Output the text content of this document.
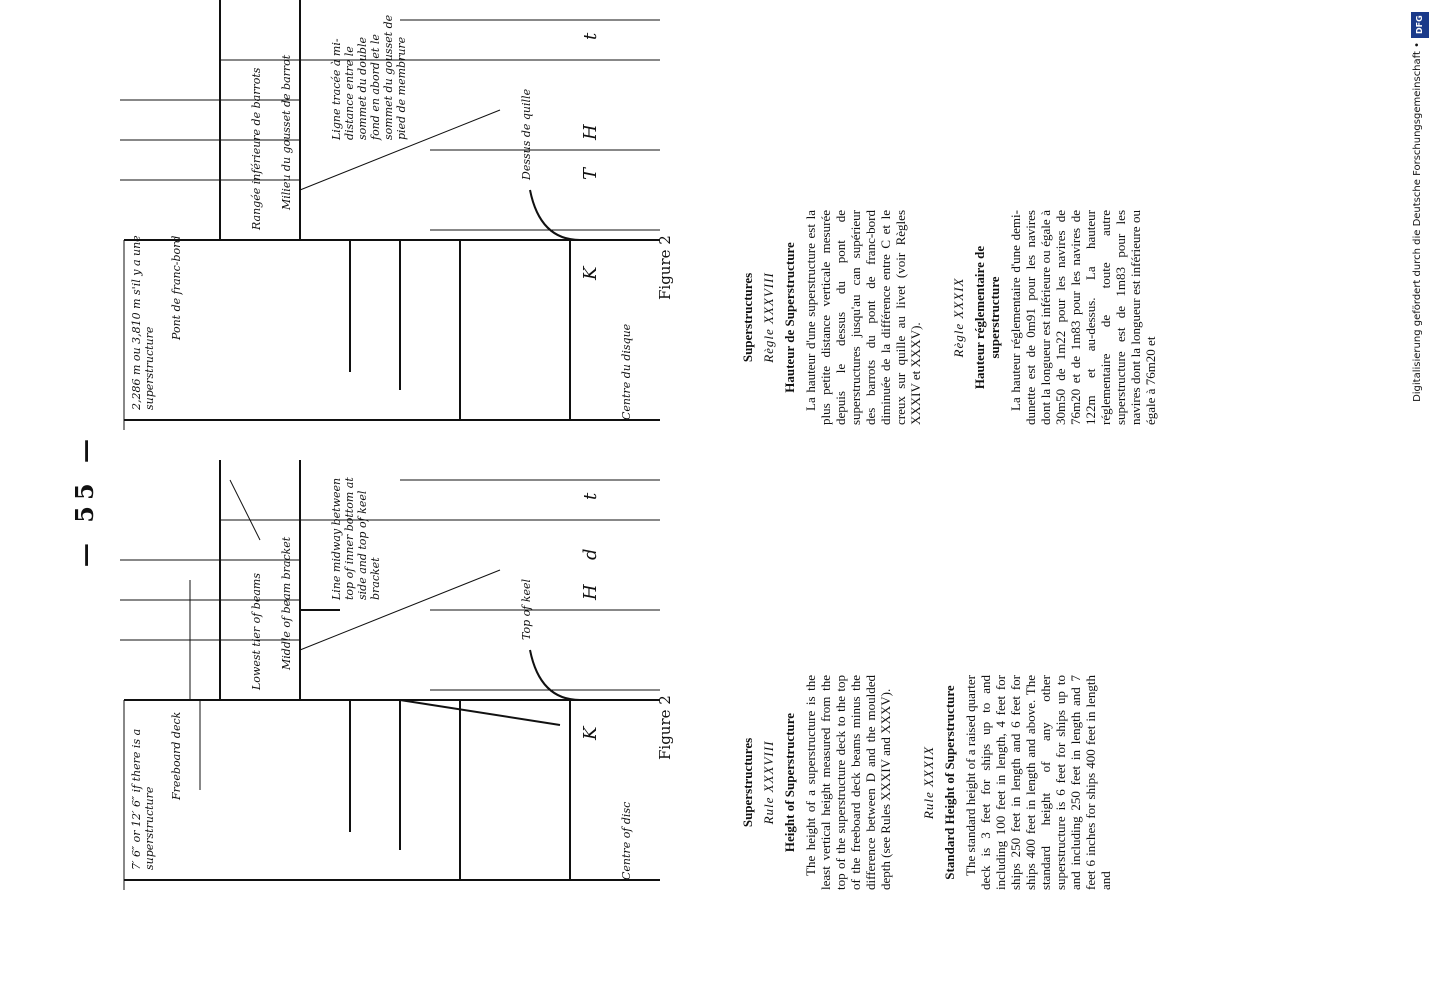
— 55 —
7′ 6″ or 12′ 6″ if there is a superstructure
Freeboard deck
Lowest tier of beams Middle of beam bracket	Line midway between top of inner bottom at side and top of keel bracket
Top of keel
Centre of disc
K
H
d
t
Figure 2
2,286 m ou 3,810 m s'il y a une superstructure
Pont de franc-bord
Rangée inférieure de barrots Milieu du gousset de barrot	Ligne tracée à mi-distance entre le sommet du double fond en abord et le sommet du gousset de pied de membrure	Dessus de quille
Centre du disque
K
T
H
t
Figure 2
Superstructures Rule XXXVIII Height of Superstructure The height of a superstructure is the least vertical height measured from the top of the superstructure deck to the top of the freeboard deck beams minus the difference between D and the moulded depth (see Rules XXXIV and XXXV). Rule XXXIX Standard Height of Superstructure The standard height of a raised quarter deck is 3 feet for ships up to and including 100 feet in length, 4 feet for ships 250 feet in length and 6 feet for ships 400 feet in length and above. The standard height of any other superstructure is 6 feet for ships up to and including 250 feet in length and 7 feet 6 inches for ships 400 feet in length and

Superstructures Règle XXXVIII Hauteur de Superstructure La hauteur d'une superstructure est la plus petite distance verticale mesurée depuis le dessus du pont de superstructures jusqu'au can supérieur des barrots du pont de franc-bord diminuée de la différence entre C et le creux sur quille au livet (voir Règles XXXIV et XXXV).

Règle XXXIX Hauteur réglementaire de superstructure La hauteur réglementaire d'une demi-dunette est de 0m91 pour les navires dont la longueur est inférieure ou égale à 30m50 de 1m22 pour les navires de 76m20 et de 1m83 pour les navires de 122m et au-dessus. La hauteur réglementaire de toute autre superstructure est de 1m83 pour les navires dont la longueur est inférieure ou égale à 76m20 et

DFG
Digitalisierung gefördert durch die Deutsche Forschungsgemeinschaft •
